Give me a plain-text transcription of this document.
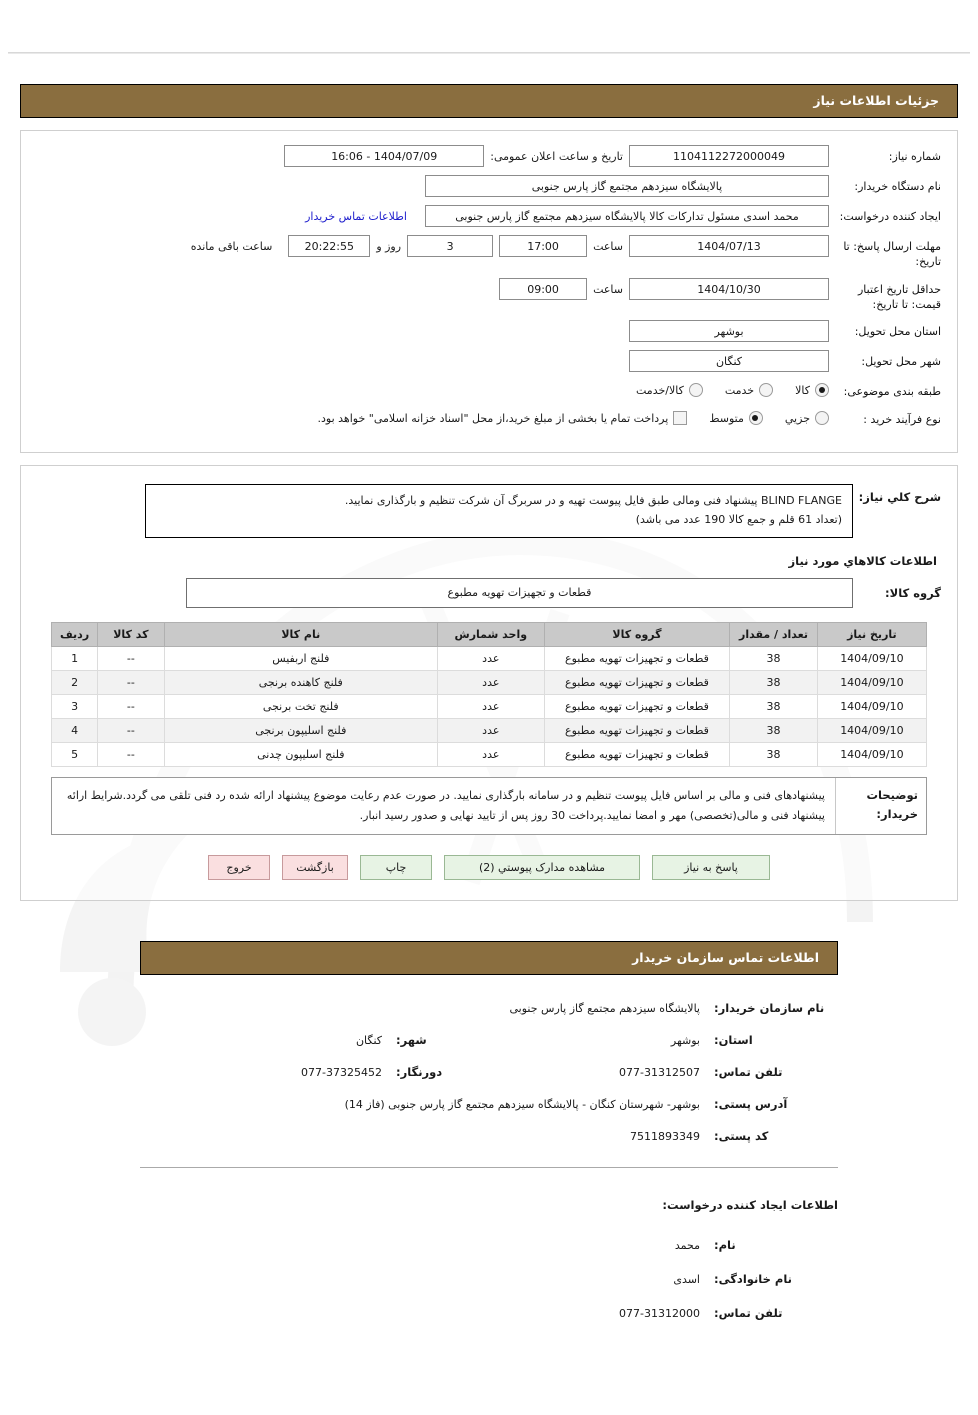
جزئیات اطلاعات نیاز
شماره نیاز:
1104112272000049
تاریخ و ساعت اعلان عمومی:
1404/07/09 - 16:06
نام دستگاه خریدار:
پالایشگاه سیزدهم مجتمع گاز پارس جنوبی
ایجاد کننده درخواست:
محمد اسدی مسئول تدارکات کالا پالایشگاه سیزدهم مجتمع گاز پارس جنوبی
اطلاعات تماس خریدار
مهلت ارسال پاسخ: تا تاریخ:
1404/07/13
ساعت
17:00
3
روز و
20:22:55
ساعت باقی مانده
حداقل تاریخ اعتبار قیمت: تا تاریخ:
1404/10/30
ساعت
09:00
استان محل تحویل:
بوشهر
شهر محل تحویل:
کنگان
طبقه بندی موضوعی:
کالا
خدمت
کالا/خدمت
نوع فرآیند خرید :
جزیي
متوسط
پرداخت تمام یا بخشی از مبلغ خرید،از محل "اسناد خزانه اسلامی" خواهد بود.
شرح کلي نياز:
BLIND FLANGE پیشنهاد فنی ومالی طبق فایل پیوست تهیه و در سربرگ آن شرکت تنظیم و بارگذاری نمایید.
(تعداد 61 قلم و جمع کالا 190 عدد می باشد)
اطلاعات كالاهاي مورد نياز
گروه كالا:
قطعات و تجهیزات تهویه مطبوع
تاریخ نیاز	تعداد / مقدار	گروه کالا	واحد شمارش	نام کالا	کد کالا	ردیف
1404/09/10	38	قطعات و تجهیزات تهویه مطبوع	عدد	فلنج اربفیس	--	1
1404/09/10	38	قطعات و تجهیزات تهویه مطبوع	عدد	فلنج کاهنده برنجی	--	2
1404/09/10	38	قطعات و تجهیزات تهویه مطبوع	عدد	فلنج تخت برنجی	--	3
1404/09/10	38	قطعات و تجهیزات تهویه مطبوع	عدد	فلنج اسلیپون برنجی	--	4
1404/09/10	38	قطعات و تجهیزات تهویه مطبوع	عدد	فلنج اسلیپون چدنی	--	5
توضیحات
خریدار:
پیشنهادهای فنی و مالی بر اساس فایل پیوست تنظیم و در سامانه بارگذاری نمایید. در صورت عدم رعایت موضوع پیشنهاد ارائه شده رد فنی تلقی می گردد.شرایط ارائه پیشنهاد فنی و مالی(تخصصی) مهر و امضا نمایید.پرداخت 30 روز پس از تایید نهایی و صدور رسید انبار.
پاسخ به نیاز
مشاهده مدارک پیوستي (2)
چاپ
بازگشت
خروج
اطلاعات تماس سازمان خریدار
نام سازمان خریدار:
پالایشگاه سیزدهم مجتمع گاز پارس جنوبی
استان:
بوشهر
شهر:
کنگان
تلفن تماس:
077-31312507
دورنگار:
077-37325452
آدرس پستی:
بوشهر- شهرستان کنگان - پالایشگاه سیزدهم مجتمع گاز پارس جنوبی (فاز 14)
کد پستی:
7511893349
اطلاعات ایجاد کننده درخواست:
نام:
محمد
نام خانوادگی:
اسدی
تلفن تماس:
077-31312000
